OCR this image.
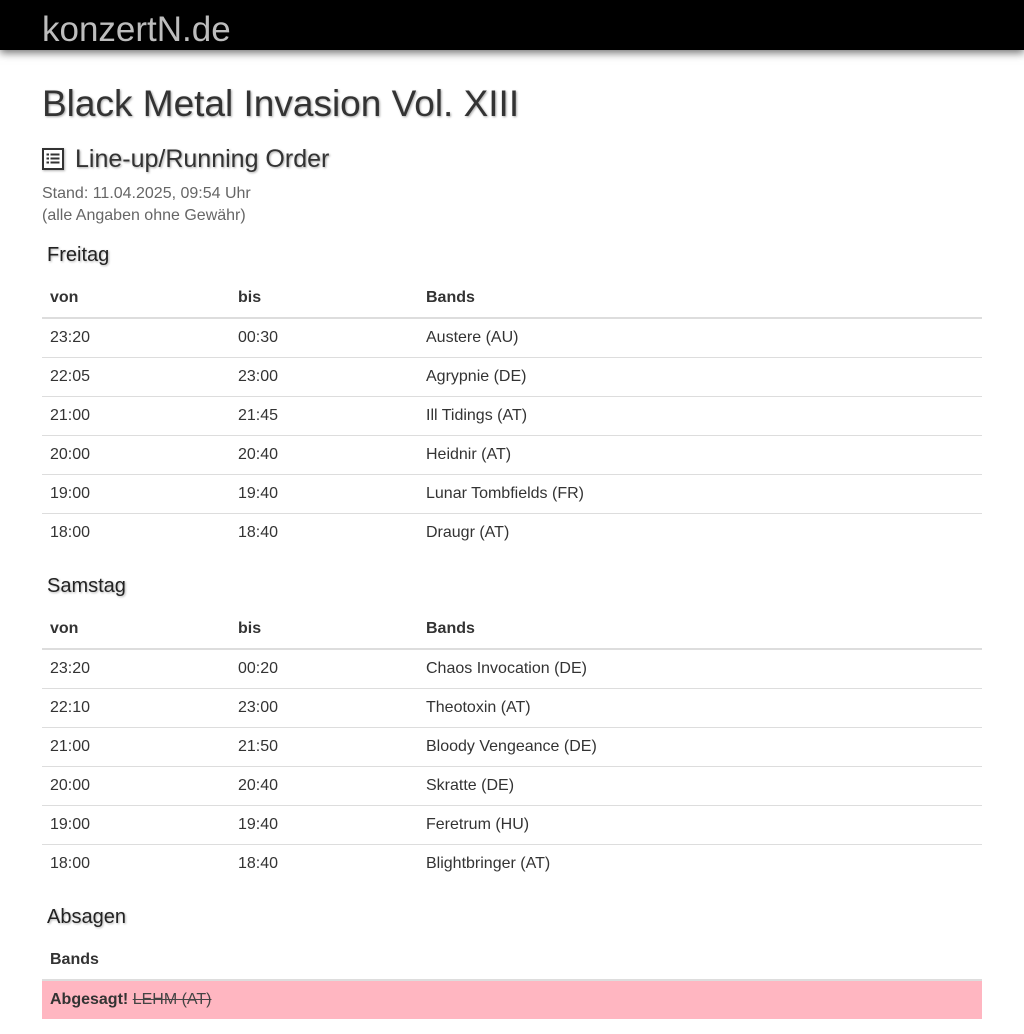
konzertN.de
Black Metal Invasion Vol. XIII
Line-up/Running Order
Stand: 11.04.2025, 09:54 Uhr
(alle Angaben ohne Gewähr)
Freitag
von	bis	Bands
23:20	00:30	Austere (AU)
22:05	23:00	Agrypnie (DE)
21:00	21:45	Ill Tidings (AT)
20:00	20:40	Heidnir (AT)
19:00	19:40	Lunar Tombfields (FR)
18:00	18:40	Draugr (AT)
Samstag
von	bis	Bands
23:20	00:20	Chaos Invocation (DE)
22:10	23:00	Theotoxin (AT)
21:00	21:50	Bloody Vengeance (DE)
20:00	20:40	Skratte (DE)
19:00	19:40	Feretrum (HU)
18:00	18:40	Blightbringer (AT)
Absagen
Bands
Abgesagt! LEHM (AT)
